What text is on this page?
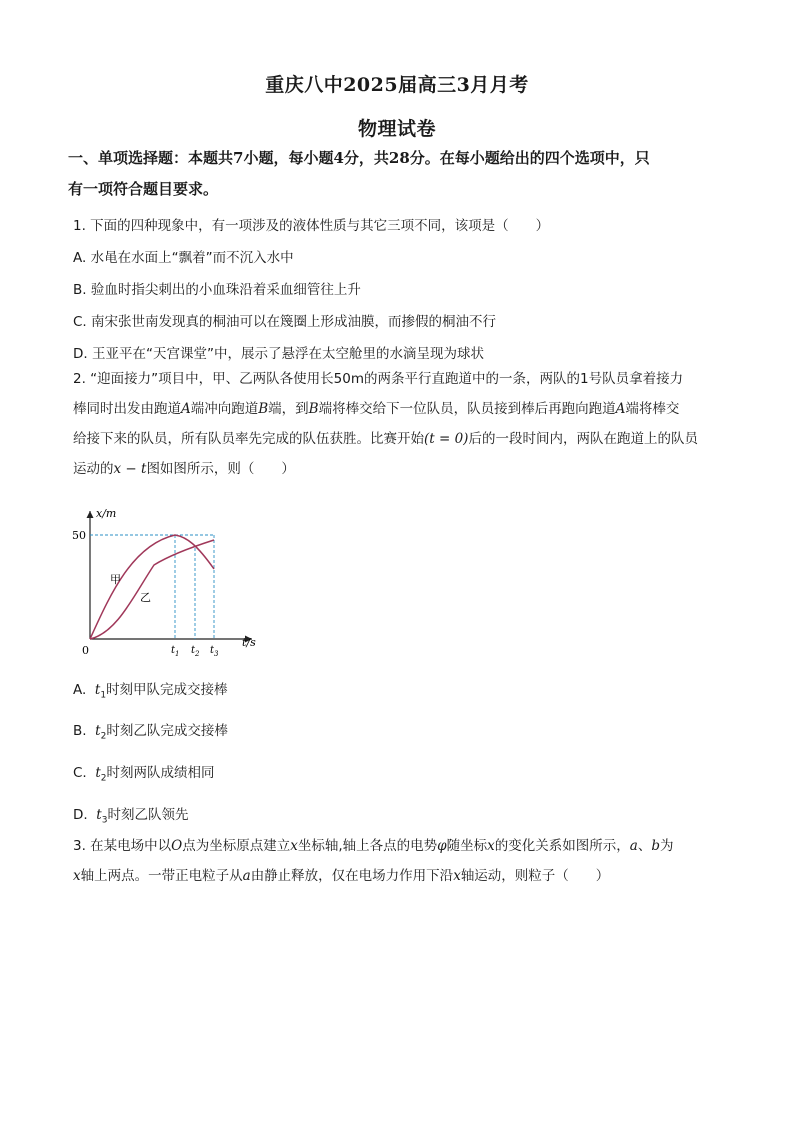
重庆八中2025届高三3月月考
物理试卷
一、单项选择题：本题共7小题，每小题4分，共28分。在每小题给出的四个选项中，只
有一项符合题目要求。
1. 下面的四种现象中，有一项涉及的液体性质与其它三项不同，该项是（　　）
A. 水黾在水面上“飘着”而不沉入水中
B. 验血时指尖刺出的小血珠沿着采血细管往上升
C. 南宋张世南发现真的桐油可以在篾圈上形成油膜，而掺假的桐油不行
D. 王亚平在“天宫课堂”中，展示了悬浮在太空舱里的水滴呈现为球状
2. “迎面接力”项目中，甲、乙两队各使用长50m的两条平行直跑道中的一条，两队的1号队员拿着接力
棒同时出发由跑道A端冲向跑道B端，到B端将棒交给下一位队员，队员接到棒后再跑向跑道A端将棒交
给接下来的队员，所有队员率先完成的队伍获胜。比赛开始(t = 0)后的一段时间内，两队在跑道上的队员
运动的x − t图如图所示，则（　　）
x/m
t/s
50
0	$t_1$ $t_2$ $t_3$
甲
乙
A. $t_1$时刻甲队完成交接棒
B. $t_2$时刻乙队完成交接棒
C. $t_2$时刻两队成绩相同
D. $t_3$时刻乙队领先
3. 在某电场中以O点为坐标原点建立x坐标轴,轴上各点的电势φ随坐标x的变化关系如图所示，a、b为
x轴上两点。一带正电粒子从a由静止释放，仅在电场力作用下沿x轴运动，则粒子（　　）
